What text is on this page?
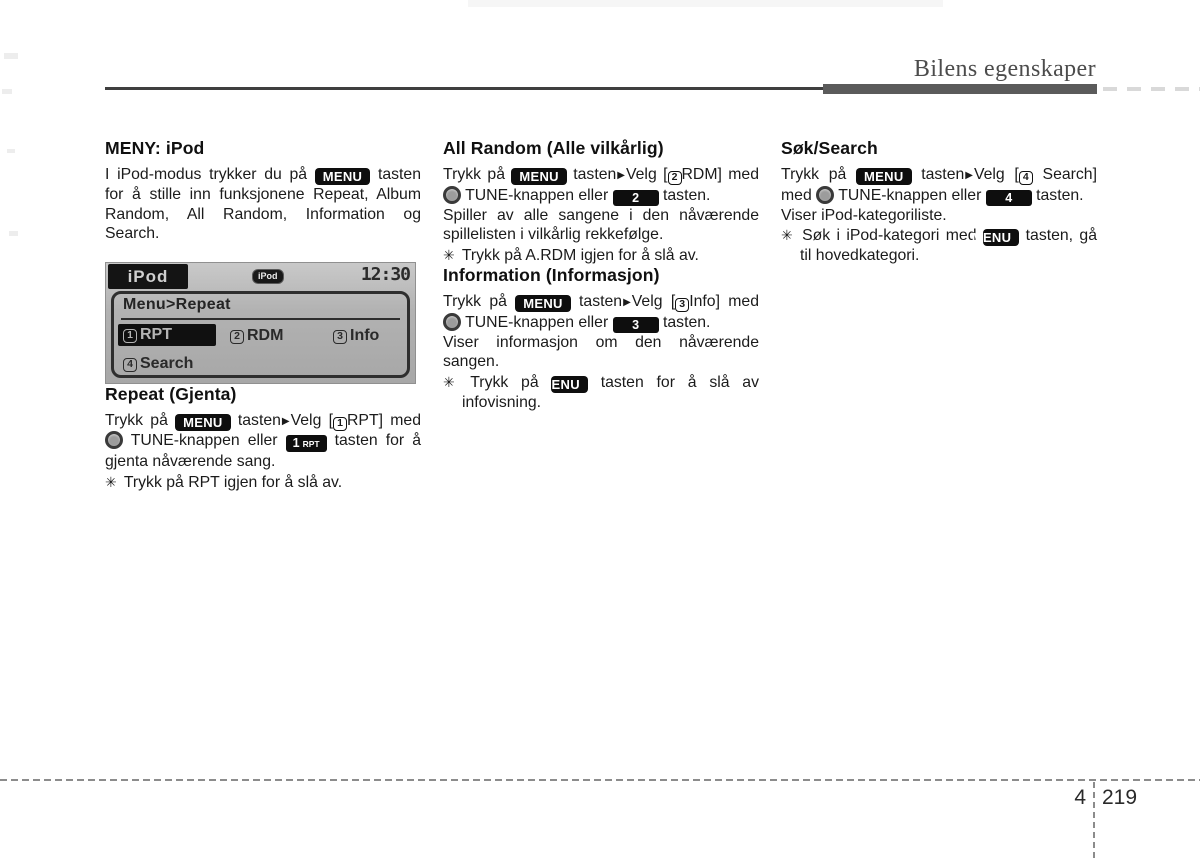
Bilens egenskaper
MENY: iPod

I iPod-modus trykker du på MENU tasten for å stille inn funksjonene Repeat, Album Random, All Random, Information og Search.

iPod	iPod	12:30
Menu>Repeat
1 RPT	2 RDM	3 Info
4 Search
Repeat (Gjenta)

Trykk på MENU tasten▶Velg [ 1 RPT] med  TUNE-knappen eller 1 RPT tasten for å gjenta nåværende sang.

✳ Trykk på RPT igjen for å slå av.

All Random (Alle vilkårlig)

Trykk på MENU tasten▶Velg [ 2 RDM] med  TUNE-knappen eller 2 tasten.

Spiller av alle sangene i den nåværende spillelisten i vilkårlig rekkefølge.

✳ Trykk på A.RDM igjen for å slå av.

Information (Informasjon)

Trykk på MENU tasten▶Velg [ 3 Info] med  TUNE-knappen eller 3 tasten.

Viser informasjon om den nåværende sangen.

✳ Trykk på MENU tasten for å slå av infovisning.

Søk/Search

Trykk på MENU tasten▶Velg [ 4 Search] med  TUNE-knappen eller 4 tasten.

Viser iPod-kategoriliste.

✳ Søk i iPod-kategori med MENU tasten, gå til hovedkategori.

4 219
